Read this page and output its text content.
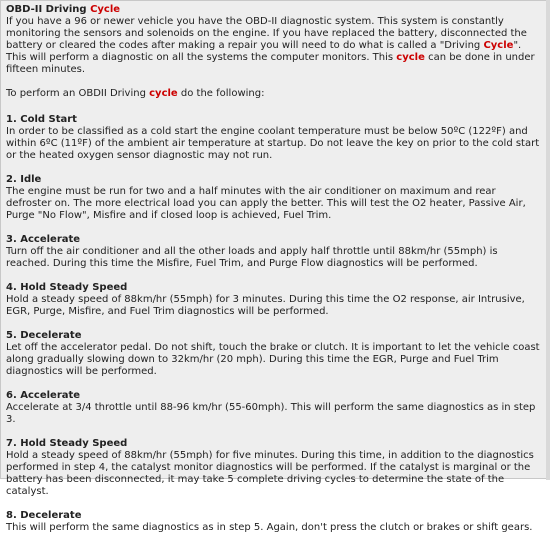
OBD-II Driving Cycle

If you have a 96 or newer vehicle you have the OBD-II diagnostic system. This system is constantly monitoring the sensors and solenoids on the engine. If you have replaced the battery, disconnected the battery or cleared the codes after making a repair you will need to do what is called a "Driving Cycle". This will perform a diagnostic on all the systems the computer monitors. This cycle can be done in under fifteen minutes.

To perform an OBDII Driving cycle do the following:

1. Cold Start

In order to be classified as a cold start the engine coolant temperature must be below 50ºC (122ºF) and within 6ºC (11ºF) of the ambient air temperature at startup. Do not leave the key on prior to the cold start or the heated oxygen sensor diagnostic may not run.

2. Idle

The engine must be run for two and a half minutes with the air conditioner on maximum and rear defroster on. The more electrical load you can apply the better. This will test the O2 heater, Passive Air, Purge "No Flow", Misfire and if closed loop is achieved, Fuel Trim.

3. Accelerate

Turn off the air conditioner and all the other loads and apply half throttle until 88km/hr (55mph) is reached. During this time the Misfire, Fuel Trim, and Purge Flow diagnostics will be performed.

4. Hold Steady Speed

Hold a steady speed of 88km/hr (55mph) for 3 minutes. During this time the O2 response, air Intrusive, EGR, Purge, Misfire, and Fuel Trim diagnostics will be performed.

5. Decelerate

Let off the accelerator pedal. Do not shift, touch the brake or clutch. It is important to let the vehicle coast along gradually slowing down to 32km/hr (20 mph). During this time the EGR, Purge and Fuel Trim diagnostics will be performed.

6. Accelerate

Accelerate at 3/4 throttle until 88-96 km/hr (55-60mph). This will perform the same diagnostics as in step 3.

7. Hold Steady Speed

Hold a steady speed of 88km/hr (55mph) for five minutes. During this time, in addition to the diagnostics performed in step 4, the catalyst monitor diagnostics will be performed. If the catalyst is marginal or the battery has been disconnected, it may take 5 complete driving cycles to determine the state of the catalyst.

8. Decelerate

This will perform the same diagnostics as in step 5. Again, don't press the clutch or brakes or shift gears.
